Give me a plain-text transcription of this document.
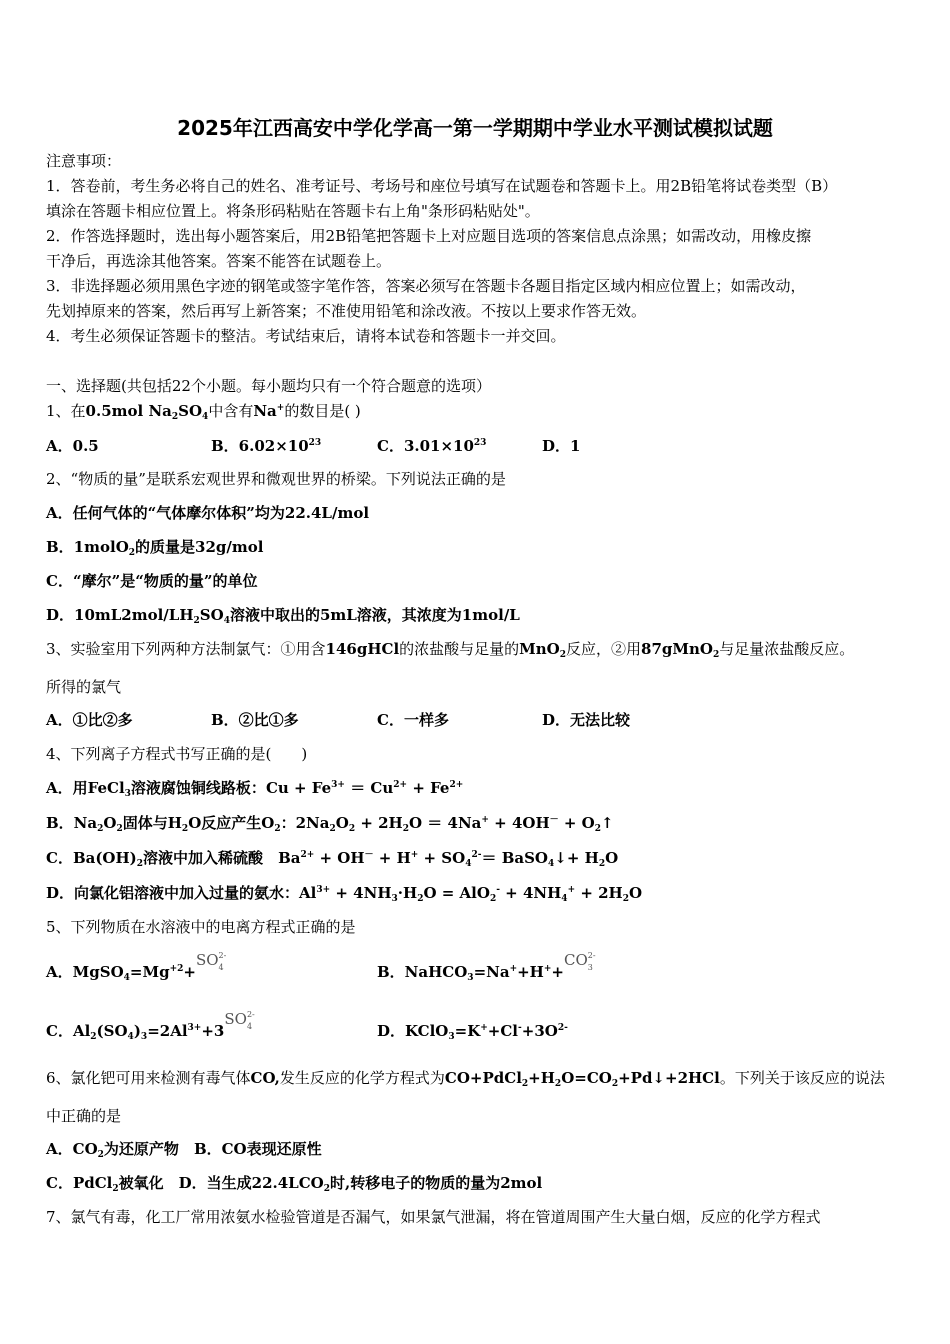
2025年江西高安中学化学高一第一学期期中学业水平测试模拟试题
注意事项：
1．答卷前，考生务必将自己的姓名、准考证号、考场号和座位号填写在试题卷和答题卡上。用2B铅笔将试卷类型（B）
填涂在答题卡相应位置上。将条形码粘贴在答题卡右上角"条形码粘贴处"。
2．作答选择题时，选出每小题答案后，用2B铅笔把答题卡上对应题目选项的答案信息点涂黑；如需改动，用橡皮擦
干净后，再选涂其他答案。答案不能答在试题卷上。
3．非选择题必须用黑色字迹的钢笔或签字笔作答，答案必须写在答题卡各题目指定区域内相应位置上；如需改动，
先划掉原来的答案，然后再写上新答案；不准使用铅笔和涂改液。不按以上要求作答无效。
4．考生必须保证答题卡的整洁。考试结束后，请将本试卷和答题卡一并交回。
一、选择题(共包括22个小题。每小题均只有一个符合题意的选项）
1、在0.5mol $Na_2SO_4$中含有Na+的数目是( )
A．0.5	B．$6.02\times 10^{23}$	C．$3.01\times 10^{23}$	D．1
2、“物质的量”是联系宏观世界和微观世界的桥梁。下列说法正确的是
A．任何气体的“气体摩尔体积”均为22.4L/mol
B．1molO$_2$的质量是32g/mol
C．“摩尔”是“物质的量”的单位
D．$10mL2mol/LH_2SO_4$溶液中取出的5mL溶液，其浓度为1mol/L
3、实验室用下列两种方法制氯气：①用含146gHCl的浓盐酸与足量的MnO$_2$反应，②用87gMnO$_2$与足量浓盐酸反应。
所得的氯气
A．①比②多	B．②比①多	C．一样多	D．无法比较
4、下列离子方程式书写正确的是(　　)
A．用FeCl$_3$溶液腐蚀铜线路板：$Cu + Fe^{3+} = Cu^{2+} + Fe^{2+}$
B．$Na_2O_2$固体与$H_2O$反应产生$O_2$：$2Na_2O_2 + 2H_2O = 4Na^+ + 4OH^-$ + $O_2↑$
C．$Ba(OH)_2$溶液中加入稀硫酸　$Ba^{2+} + OH^- + H^+ + SO_4^{2-}=$ BaSO$_4$↓+ $H_2O$
D．向氯化铝溶液中加入过量的氨水：$Al^{3+} + 4NH_3\cdot H_2O = AlO_2^- + 4NH_4^+ + 2H_2O$
5、下列物质在水溶液中的电离方程式正确的是
A．$MgSO_4=Mg^{+2}+SO$ 2-
4	B．NaHCO$_3$=Na++H++CO 2-
3
C．$Al_2(SO_4)_3=2Al^{3+}+3SO$ 2-
4	D．$KClO_3=K^++Cl^-+3O^{2-}$
6、氯化钯可用来检测有毒气体CO,发生反应的化学方程式为$CO+PdCl_2+H_2O=CO_2+Pd↓+2HCl$。下列关于该反应的说法
中正确的是
A．$CO_2$为还原产物　B．CO表现还原性
C．PdCl$_2$被氧化　D．当生成$22.4LCO_2$时,转移电子的物质的量为2mol
7、氯气有毒，化工厂常用浓氨水检验管道是否漏气，如果氯气泄漏，将在管道周围产生大量白烟，反应的化学方程式
